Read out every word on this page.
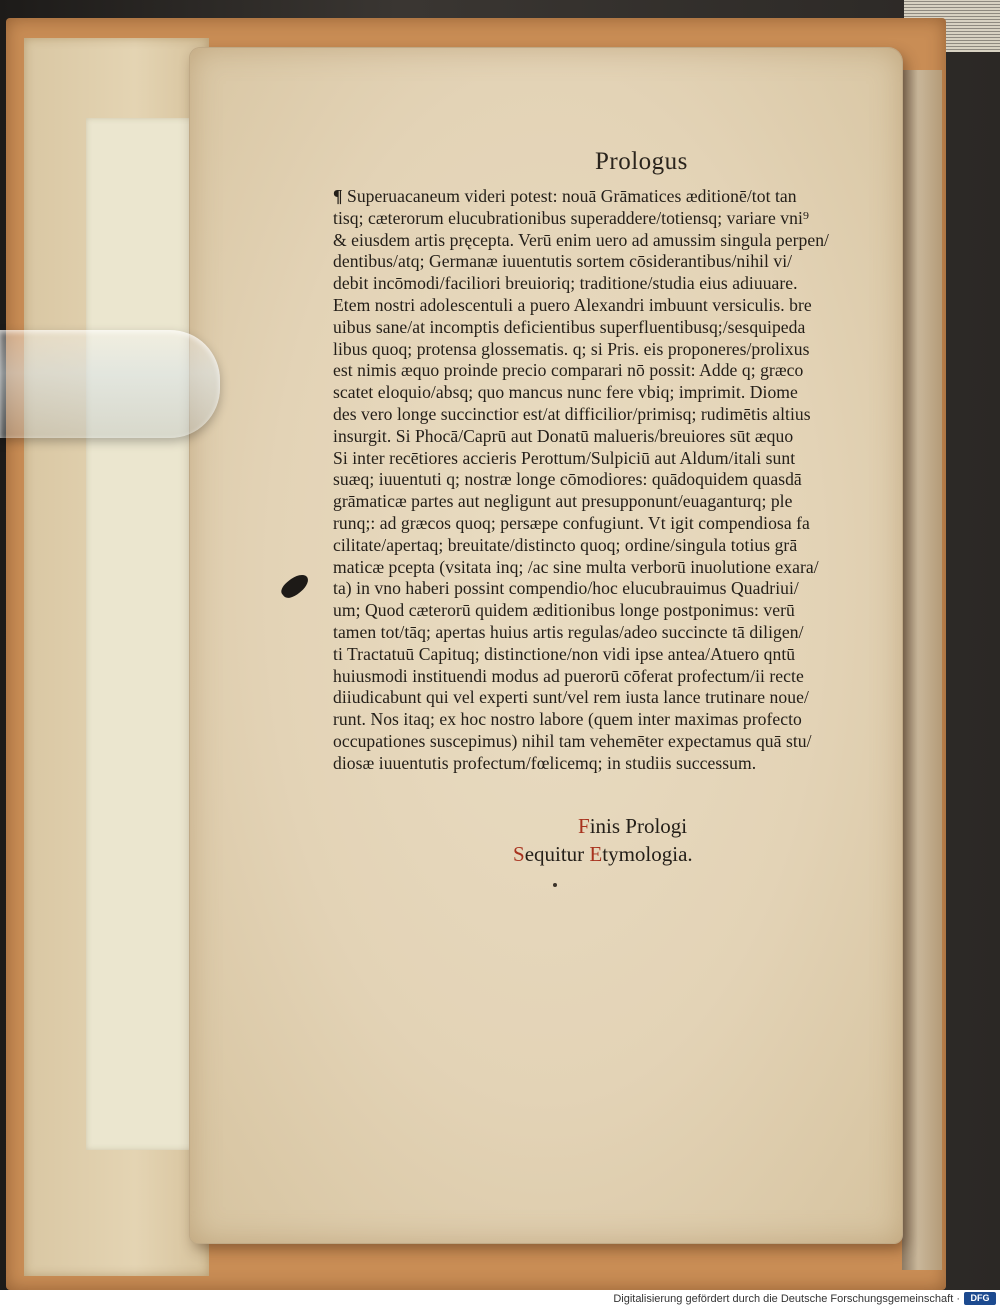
Prologus
¶ Superuacaneum videri potest: nouā Grāmatices æditionē/tot tan
tisq; cæterorum elucubrationibus superaddere/totiensq; variare vni⁹
& eiusdem artis pręcepta. Verū enim uero ad amussim singula perpen/
dentibus/atq; Germanæ iuuentutis sortem cōsiderantibus/nihil vi/
debit incōmodi/faciliori breuioriq; traditione/studia eius adiuuare.
Etem nostri adolescentuli a puero Alexandri imbuunt versiculis. bre
uibus sane/at incomptis deficientibus superfluentibusq;/sesquipeda
libus quoq; protensa glossematis. q; si Pris. eis proponeres/prolixus
est nimis æquo proinde precio comparari nō possit: Adde q; græco
scatet eloquio/absq; quo mancus nunc fere vbiq; imprimit. Diome
des vero longe succinctior est/at difficilior/primisq; rudimētis altius
insurgit. Si Phocā/Caprū aut Donatū malueris/breuiores sūt æquo
Si inter recētiores accieris Perottum/Sulpiciū aut Aldum/itali sunt
suæq; iuuentuti q; nostræ longe cōmodiores: quādoquidem quasdā
grāmaticæ partes aut negligunt aut presupponunt/euaganturq; ple
runq;: ad græcos quoq; persæpe confugiunt. Vt igit compendiosa fa
cilitate/apertaq; breuitate/distincto quoq; ordine/singula totius grā
maticæ pcepta (vsitata inq; /ac sine multa verborū inuolutione exara/
ta) in vno haberi possint compendio/hoc elucubrauimus Quadriui/
um; Quod cæterorū quidem æditionibus longe postponimus: verū
tamen tot/tāq; apertas huius artis regulas/adeo succincte tā diligen/
ti Tractatuū Capituq; distinctione/non vidi ipse antea/Atuero qntū
huiusmodi instituendi modus ad puerorū cōferat profectum/ii recte
diiudicabunt qui vel experti sunt/vel rem iusta lance trutinare noue/
runt. Nos itaq; ex hoc nostro labore (quem inter maximas profecto
occupationes suscepimus) nihil tam vehemēter expectamus quā stu/
diosæ iuuentutis profectum/fœlicemq; in studiis successum.
Finis Prologi
Sequitur Etymologia.
Digitalisierung gefördert durch die Deutsche Forschungsgemeinschaft ·	DFG
